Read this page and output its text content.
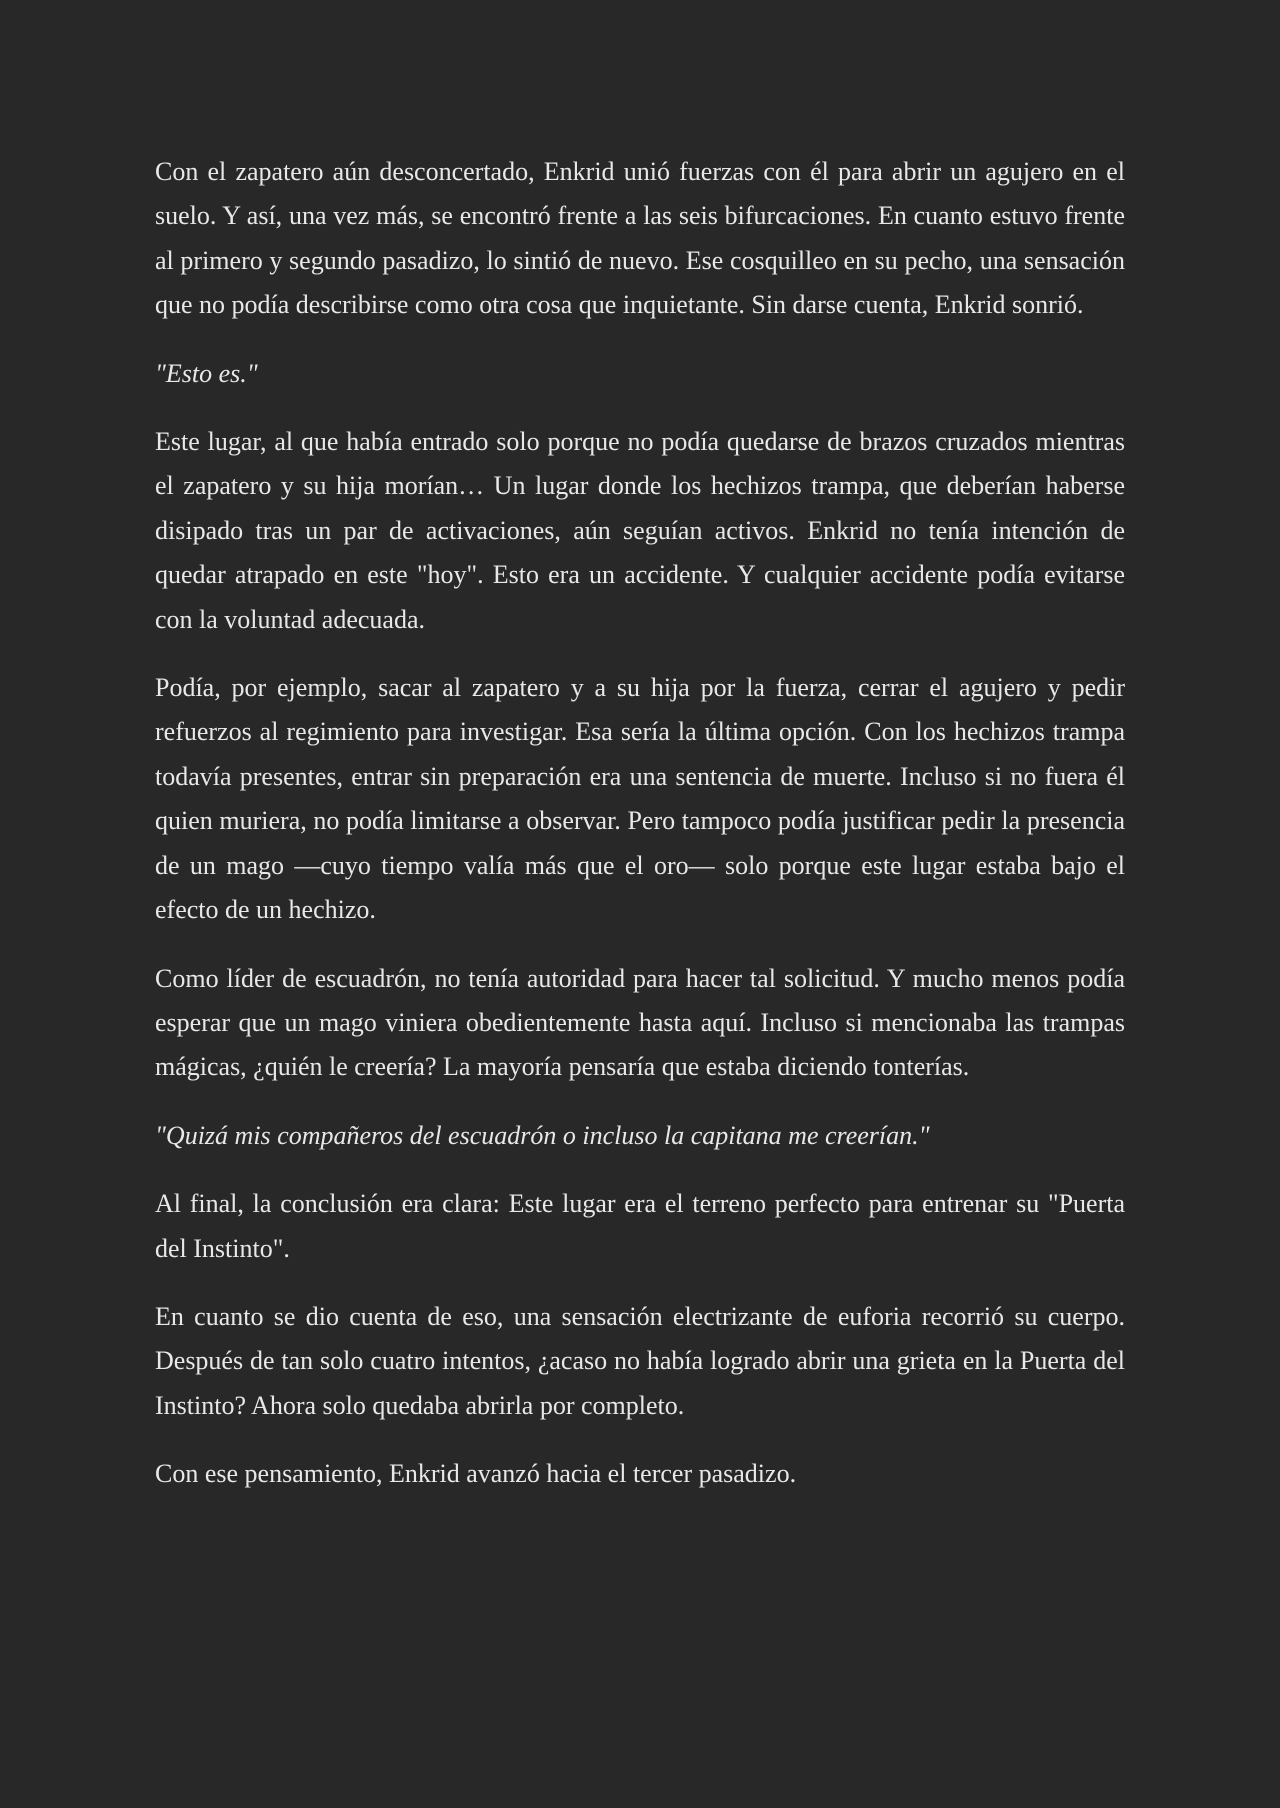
Con el zapatero aún desconcertado, Enkrid unió fuerzas con él para abrir un agujero en el suelo. Y así, una vez más, se encontró frente a las seis bifurcaciones. En cuanto estuvo frente al primero y segundo pasadizo, lo sintió de nuevo. Ese cosquilleo en su pecho, una sensación que no podía describirse como otra cosa que inquietante. Sin darse cuenta, Enkrid sonrió.

"Esto es."

Este lugar, al que había entrado solo porque no podía quedarse de brazos cruzados mientras el zapatero y su hija morían… Un lugar donde los hechizos trampa, que deberían haberse disipado tras un par de activaciones, aún seguían activos. Enkrid no tenía intención de quedar atrapado en este "hoy". Esto era un accidente. Y cualquier accidente podía evitarse con la voluntad adecuada.

Podía, por ejemplo, sacar al zapatero y a su hija por la fuerza, cerrar el agujero y pedir refuerzos al regimiento para investigar. Esa sería la última opción. Con los hechizos trampa todavía presentes, entrar sin preparación era una sentencia de muerte. Incluso si no fuera él quien muriera, no podía limitarse a observar. Pero tampoco podía justificar pedir la presencia de un mago —cuyo tiempo valía más que el oro— solo porque este lugar estaba bajo el efecto de un hechizo.

Como líder de escuadrón, no tenía autoridad para hacer tal solicitud. Y mucho menos podía esperar que un mago viniera obedientemente hasta aquí. Incluso si mencionaba las trampas mágicas, ¿quién le creería? La mayoría pensaría que estaba diciendo tonterías.

"Quizá mis compañeros del escuadrón o incluso la capitana me creerían."

Al final, la conclusión era clara: Este lugar era el terreno perfecto para entrenar su "Puerta del Instinto".

En cuanto se dio cuenta de eso, una sensación electrizante de euforia recorrió su cuerpo. Después de tan solo cuatro intentos, ¿acaso no había logrado abrir una grieta en la Puerta del Instinto? Ahora solo quedaba abrirla por completo.

Con ese pensamiento, Enkrid avanzó hacia el tercer pasadizo.
